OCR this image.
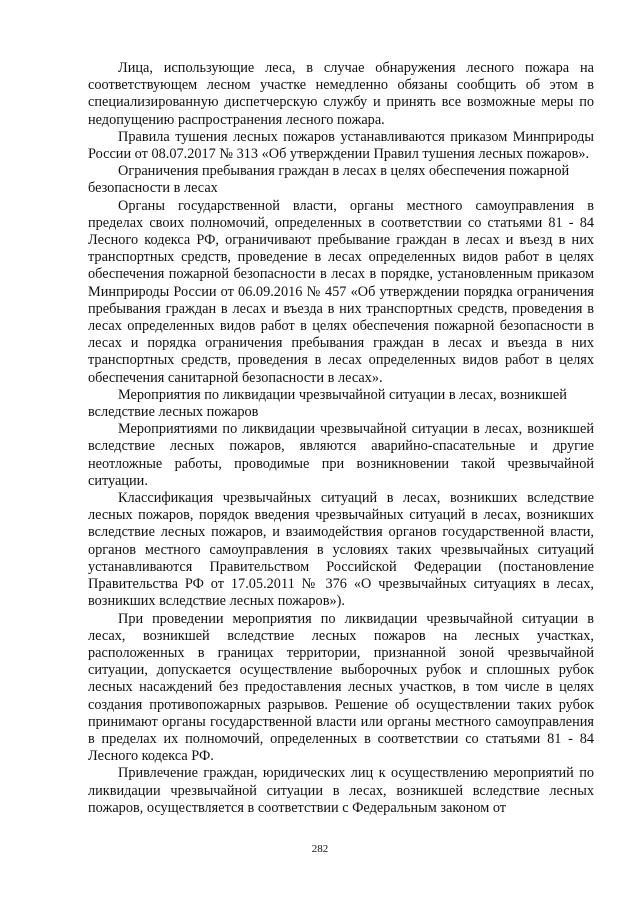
Лица, использующие леса, в случае обнаружения лесного пожара на соответствующем лесном участке немедленно обязаны сообщить об этом в специализированную диспетчерскую службу и принять все возможные меры по недопущению распространения лесного пожара.

Правила тушения лесных пожаров устанавливаются приказом Минприроды России от 08.07.2017 № 313 «Об утверждении Правил тушения лесных пожаров».

Ограничения пребывания граждан в лесах в целях обеспечения пожарной безопасности в лесах

Органы государственной власти, органы местного самоуправления в пределах своих полномочий, определенных в соответствии со статьями 81 - 84 Лесного кодекса РФ, ограничивают пребывание граждан в лесах и въезд в них транспортных средств, проведение в лесах определенных видов работ в целях обеспечения пожарной безопасности в лесах в порядке, установленным приказом Минприроды России от 06.09.2016 № 457 «Об утверждении порядка ограничения пребывания граждан в лесах и въезда в них транспортных средств, проведения в лесах определенных видов работ в целях обеспечения пожарной безопасности в лесах и порядка ограничения пребывания граждан в лесах и въезда в них транспортных средств, проведения в лесах определенных видов работ в целях обеспечения санитарной безопасности в лесах».

Мероприятия по ликвидации чрезвычайной ситуации в лесах, возникшей вследствие лесных пожаров

Мероприятиями по ликвидации чрезвычайной ситуации в лесах, возникшей вследствие лесных пожаров, являются аварийно-спасательные и другие неотложные работы, проводимые при возникновении такой чрезвычайной ситуации.

Классификация чрезвычайных ситуаций в лесах, возникших вследствие лесных пожаров, порядок введения чрезвычайных ситуаций в лесах, возникших вследствие лесных пожаров, и взаимодействия органов государственной власти, органов местного самоуправления в условиях таких чрезвычайных ситуаций устанавливаются Правительством Российской Федерации (постановление Правительства РФ от 17.05.2011 № 376 «О чрезвычайных ситуациях в лесах, возникших вследствие лесных пожаров»).

При проведении мероприятия по ликвидации чрезвычайной ситуации в лесах, возникшей вследствие лесных пожаров на лесных участках, расположенных в границах территории, признанной зоной чрезвычайной ситуации, допускается осуществление выборочных рубок и сплошных рубок лесных насаждений без предоставления лесных участков, в том числе в целях создания противопожарных разрывов. Решение об осуществлении таких рубок принимают органы государственной власти или органы местного самоуправления в пределах их полномочий, определенных в соответствии со статьями 81 - 84 Лесного кодекса РФ.

Привлечение граждан, юридических лиц к осуществлению мероприятий по ликвидации чрезвычайной ситуации в лесах, возникшей вследствие лесных пожаров, осуществляется в соответствии с Федеральным законом от

282
